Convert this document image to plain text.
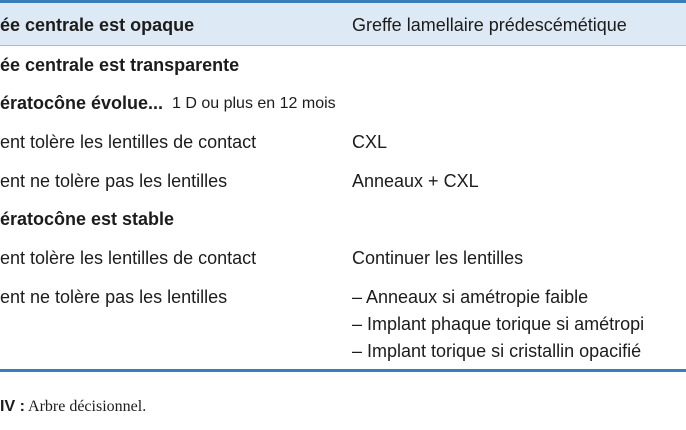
ée centrale est opaque	Greffe lamellaire prédescémétique
ée centrale est transparente
ératocône évolue... 1 D ou plus en 12 mois
ent tolère les lentilles de contact	CXL
ent ne tolère pas les lentilles	Anneaux + CXL
ératocône est stable
ent tolère les lentilles de contact	Continuer les lentilles
ent ne tolère pas les lentilles	– Anneaux si amétropie faible
– Implant phaque torique si amétropi
– Implant torique si cristallin opacifié
IV : Arbre décisionnel.
